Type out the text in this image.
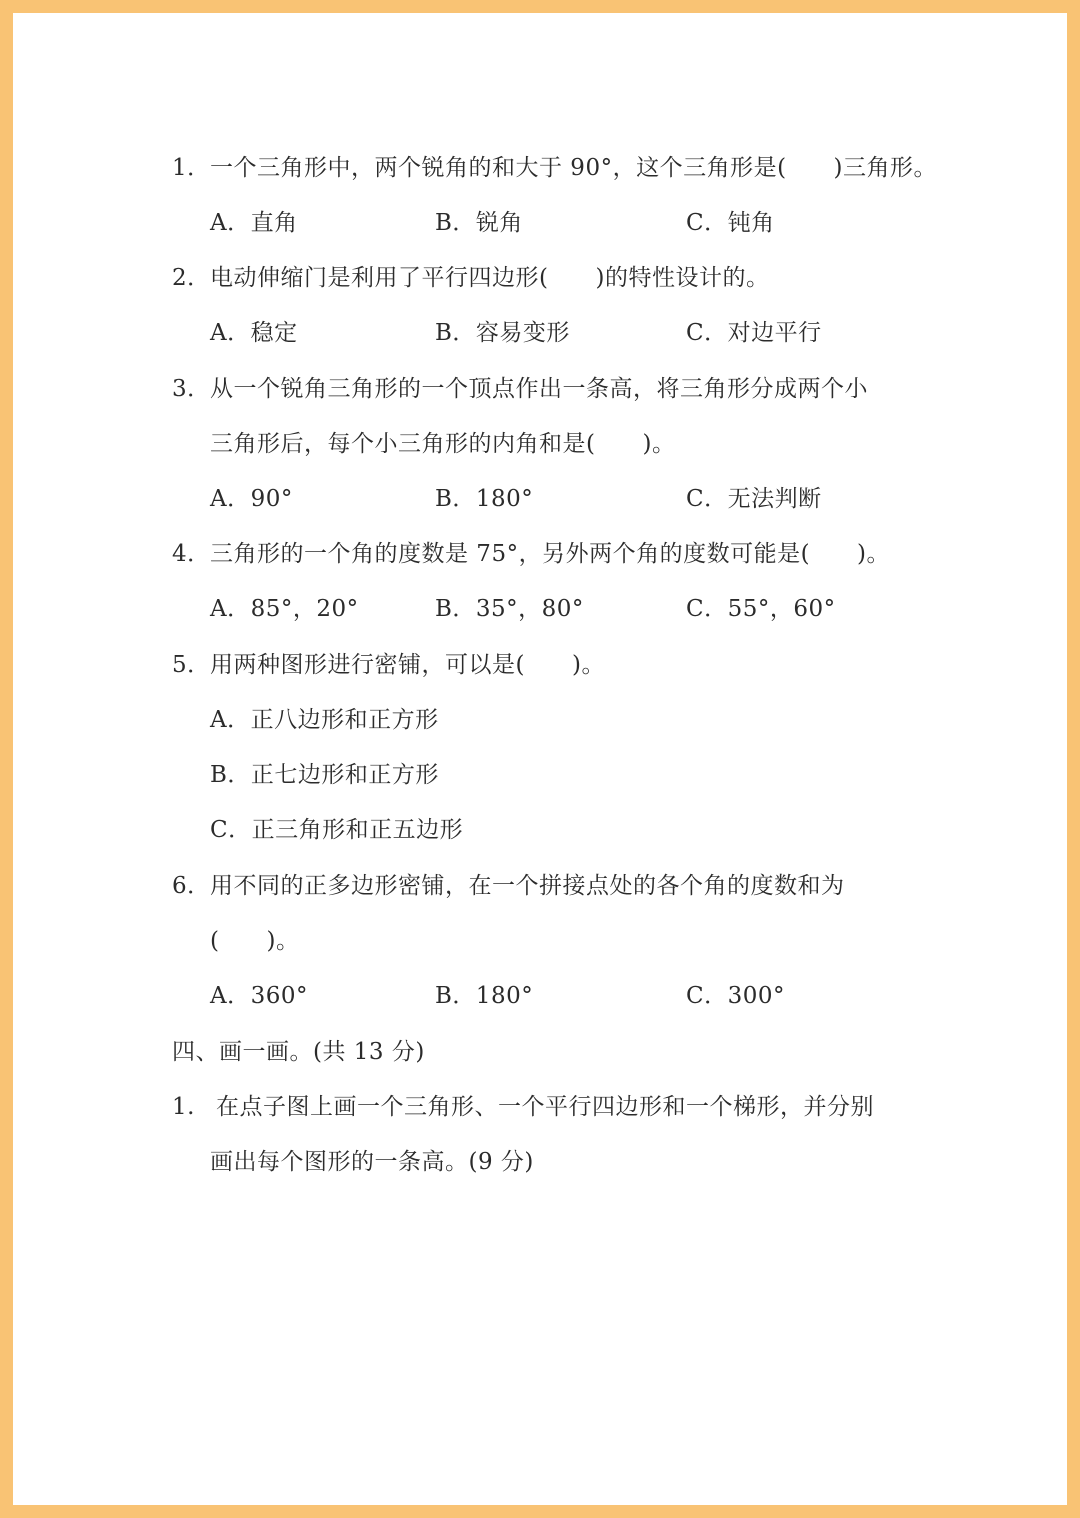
1． 一个三角形中，两个锐角的和大于 90°，这个三角形是(　　)三角形。
A．直角	B．锐角	C．钝角
2． 电动伸缩门是利用了平行四边形(　　)的特性设计的。
A．稳定	B．容易变形	C．对边平行
3． 从一个锐角三角形的一个顶点作出一条高，将三角形分成两个小
三角形后，每个小三角形的内角和是(　　)。
A．90°	B．180°	C．无法判断
4． 三角形的一个角的度数是 75°，另外两个角的度数可能是(　　)。
A．85°，20°	B．35°，80°	C．55°，60°
5． 用两种图形进行密铺，可以是(　　)。
A．正八边形和正方形
B．正七边形和正方形
C．正三角形和正五边形
6． 用不同的正多边形密铺，在一个拼接点处的各个角的度数和为
(　　)。
A．360°	B．180°	C．300°
四、画一画。(共 13 分)
1. 在点子图上画一个三角形、一个平行四边形和一个梯形，并分别
画出每个图形的一条高。(9 分)
